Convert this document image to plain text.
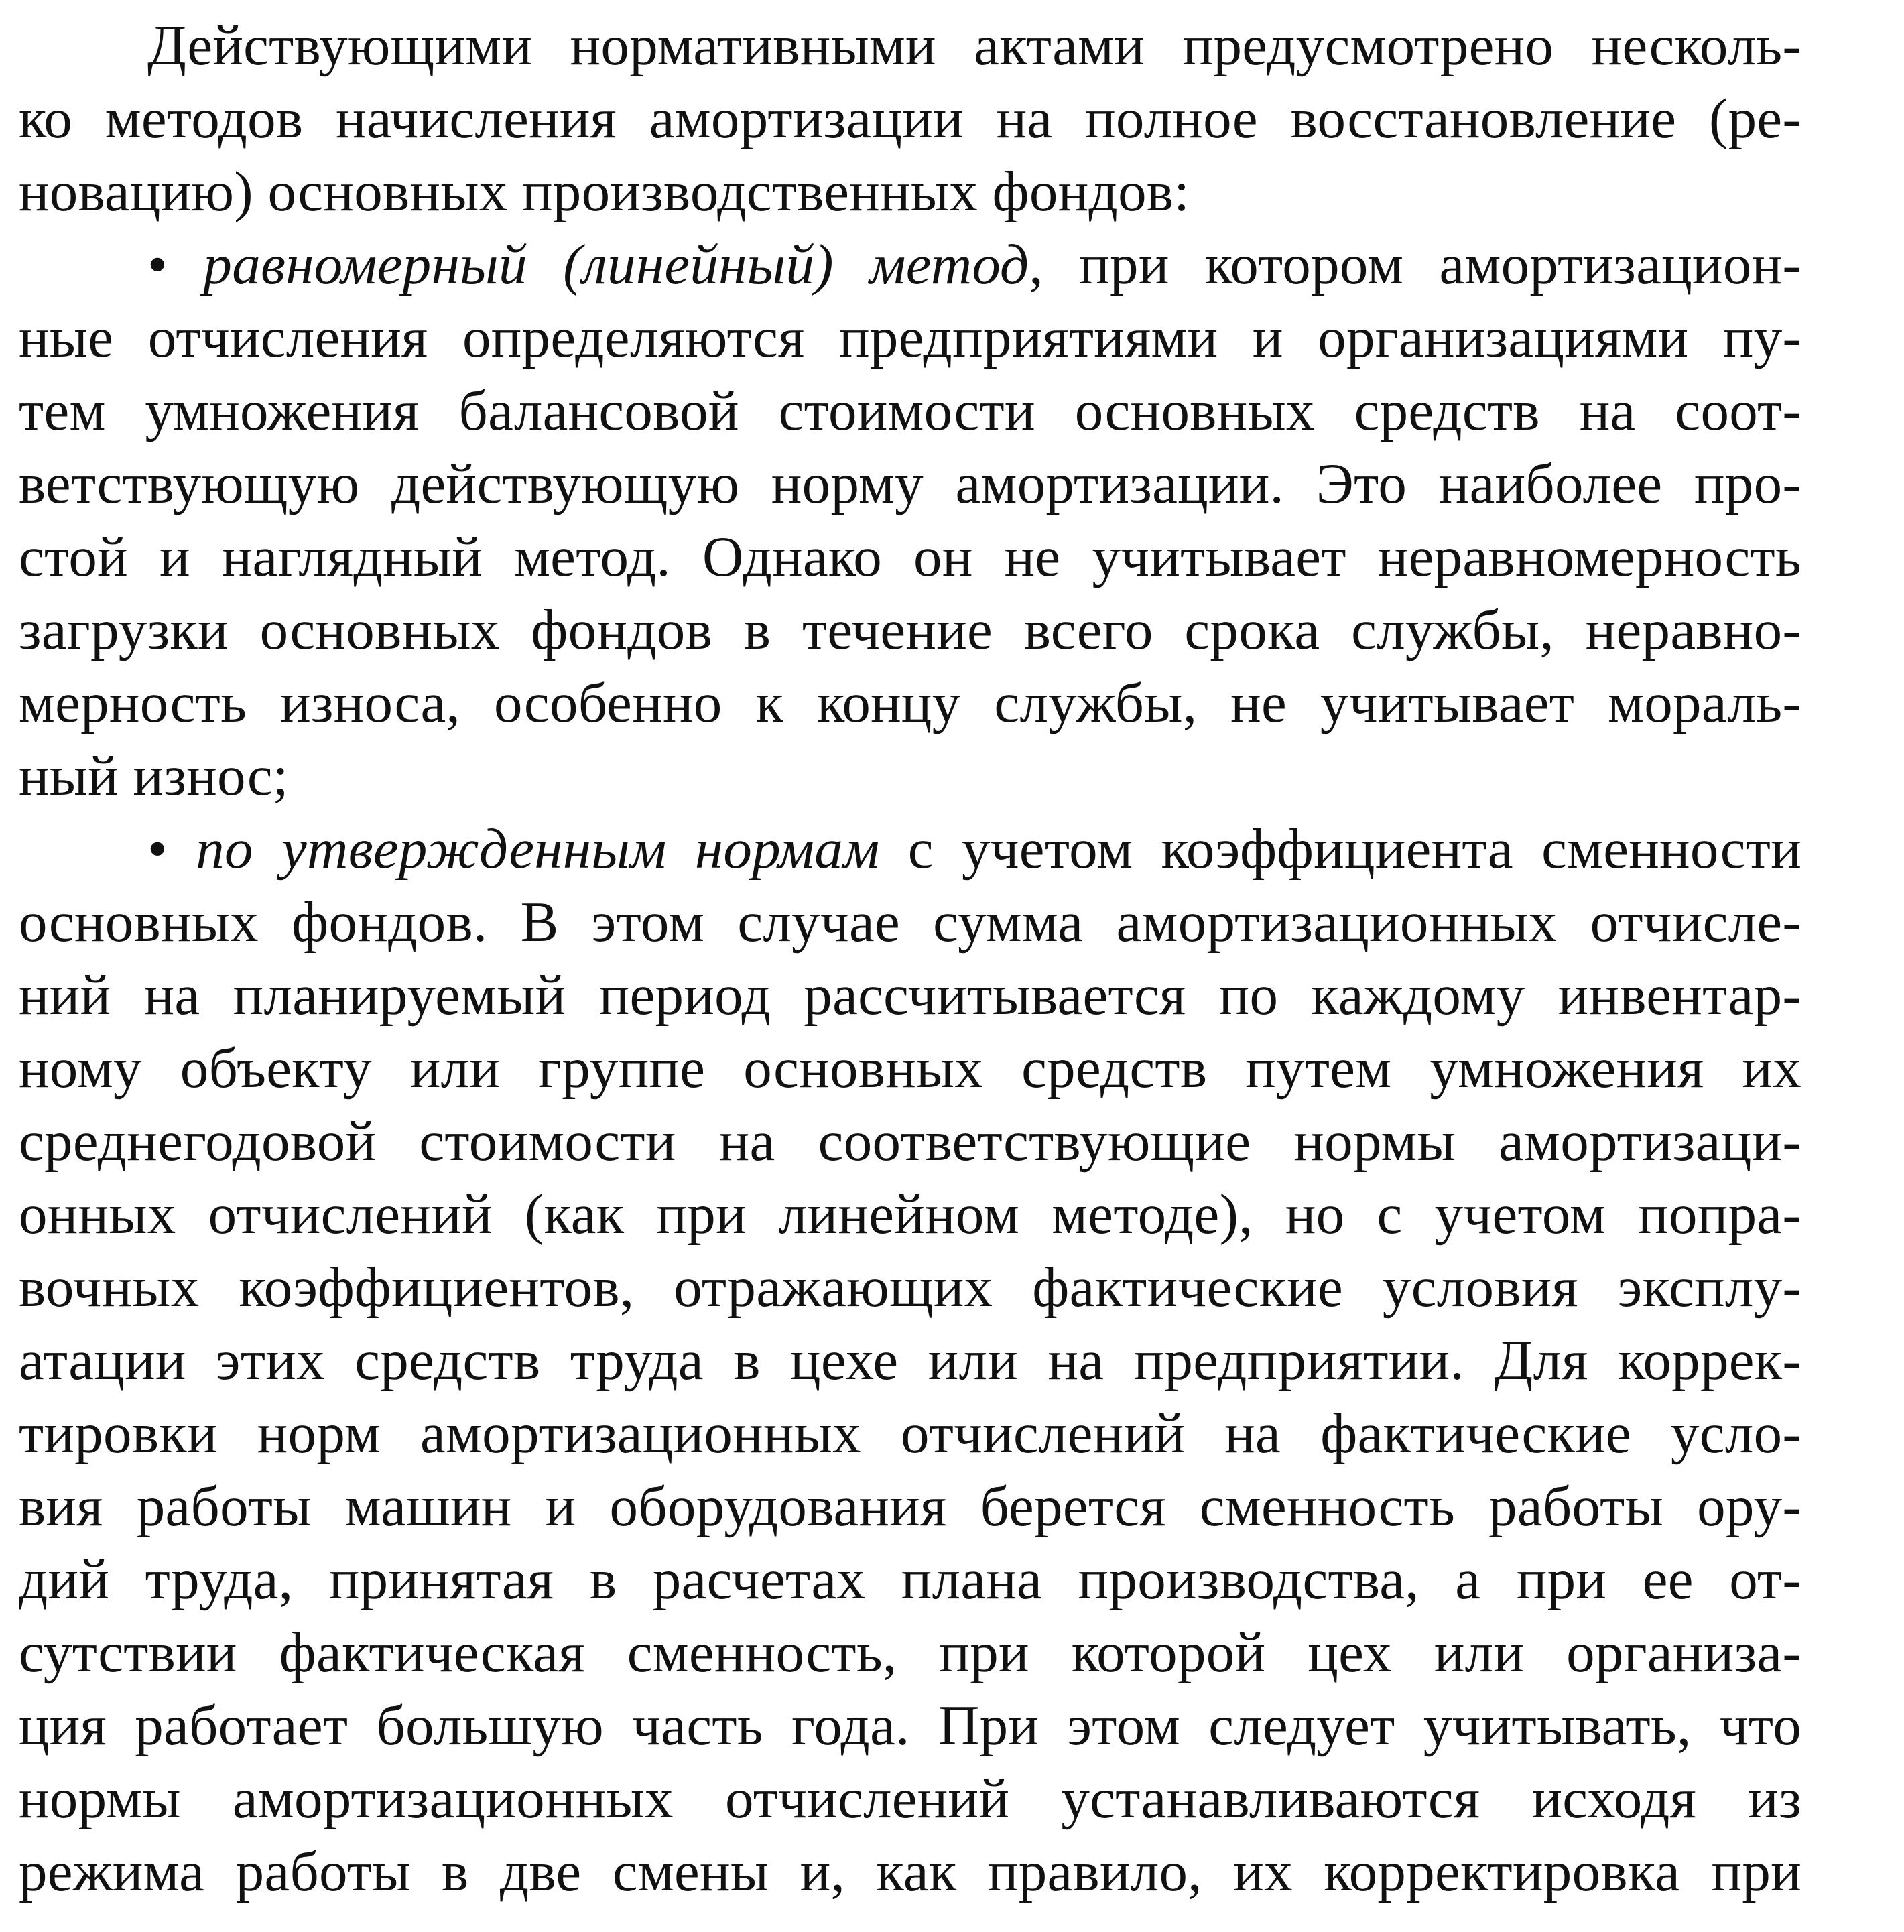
Действующими нормативными актами предусмотрено несколь-
ко методов начисления амортизации на полное восстановление (ре-
новацию) основных производственных фондов:
• равномерный (линейный) метод, при котором амортизацион-
ные отчисления определяются предприятиями и организациями пу-
тем умножения балансовой стоимости основных средств на соот-
ветствующую действующую норму амортизации. Это наиболее про-
стой и наглядный метод. Однако он не учитывает неравномерность
загрузки основных фондов в течение всего срока службы, неравно-
мерность износа, особенно к концу службы, не учитывает мораль-
ный износ;
• по утвержденным нормам с учетом коэффициента сменности
основных фондов. В этом случае сумма амортизационных отчисле-
ний на планируемый период рассчитывается по каждому инвентар-
ному объекту или группе основных средств путем умножения их
среднегодовой стоимости на соответствующие нормы амортизаци-
онных отчислений (как при линейном методе), но с учетом попра-
вочных коэффициентов, отражающих фактические условия эксплу-
атации этих средств труда в цехе или на предприятии. Для коррек-
тировки норм амортизационных отчислений на фактические усло-
вия работы машин и оборудования берется сменность работы ору-
дий труда, принятая в расчетах плана производства, а при ее от-
сутствии фактическая сменность, при которой цех или организа-
ция работает большую часть года. При этом следует учитывать, что
нормы амортизационных отчислений устанавливаются исходя из
режима работы в две смены и, как правило, их корректировка при
